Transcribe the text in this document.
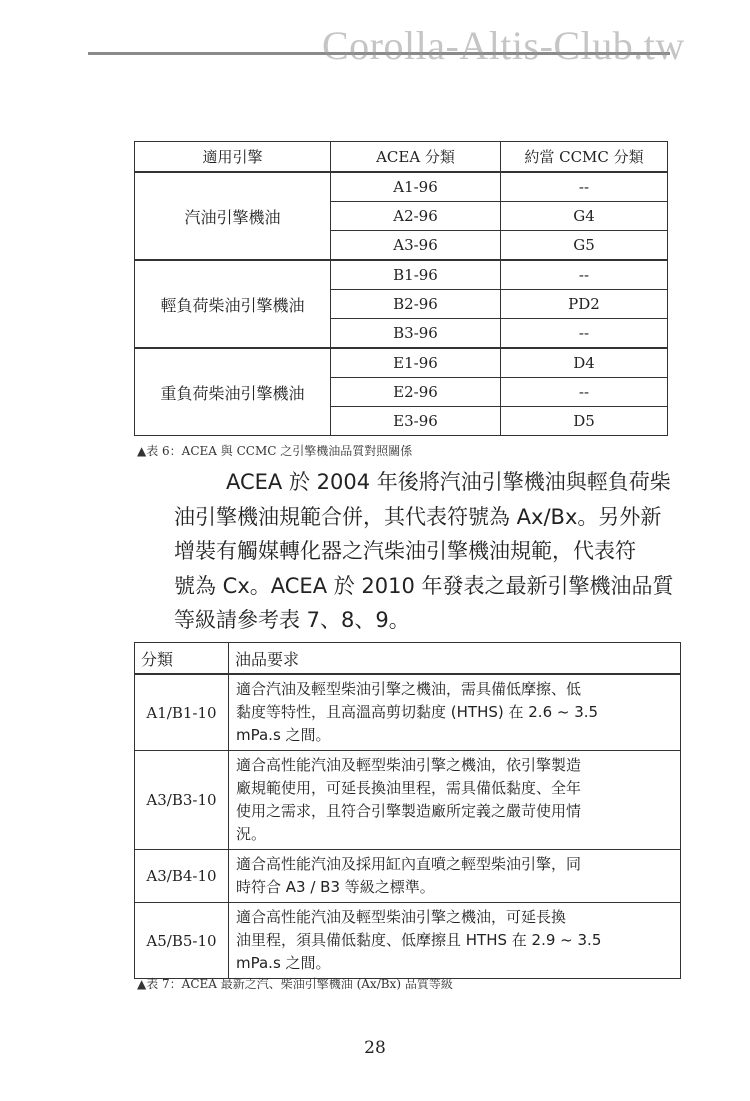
Corolla-Altis-Club.tw
適用引擎	ACEA 分類	約當 CCMC 分類
汽油引擎機油	A1-96	--
	A2-96	G4
	A3-96	G5
輕負荷柴油引擎機油	B1-96	--
	B2-96	PD2
	B3-96	--
重負荷柴油引擎機油	E1-96	D4
	E2-96	--
	E3-96	D5
▲表 6：ACEA 與 CCMC 之引擎機油品質對照關係
ACEA 於 2004 年後將汽油引擎機油與輕負荷柴
油引擎機油規範合併，其代表符號為 Ax/Bx。另外新
增裝有觸媒轉化器之汽柴油引擎機油規範，代表符
號為 Cx。ACEA 於 2010 年發表之最新引擎機油品質
等級請參考表 7、8、9。
分類	油品要求
A1/B1-10	適合汽油及輕型柴油引擎之機油，需具備低摩擦、低
黏度等特性，且高溫高剪切黏度 (HTHS) 在 2.6 ~ 3.5
mPa.s 之間。

A3/B3-10	適合高性能汽油及輕型柴油引擎之機油，依引擎製造
廠規範使用，可延長換油里程，需具備低黏度、全年
使用之需求，且符合引擎製造廠所定義之嚴苛使用情
況。

A3/B4-10	適合高性能汽油及採用缸內直噴之輕型柴油引擎，同
時符合 A3 / B3 等級之標準。

A5/B5-10	適合高性能汽油及輕型柴油引擎之機油，可延長換
油里程，須具備低黏度、低摩擦且 HTHS 在 2.9 ~ 3.5
mPa.s 之間。
▲表 7：ACEA 最新之汽、柴油引擎機油 (Ax/Bx) 品質等級
28
